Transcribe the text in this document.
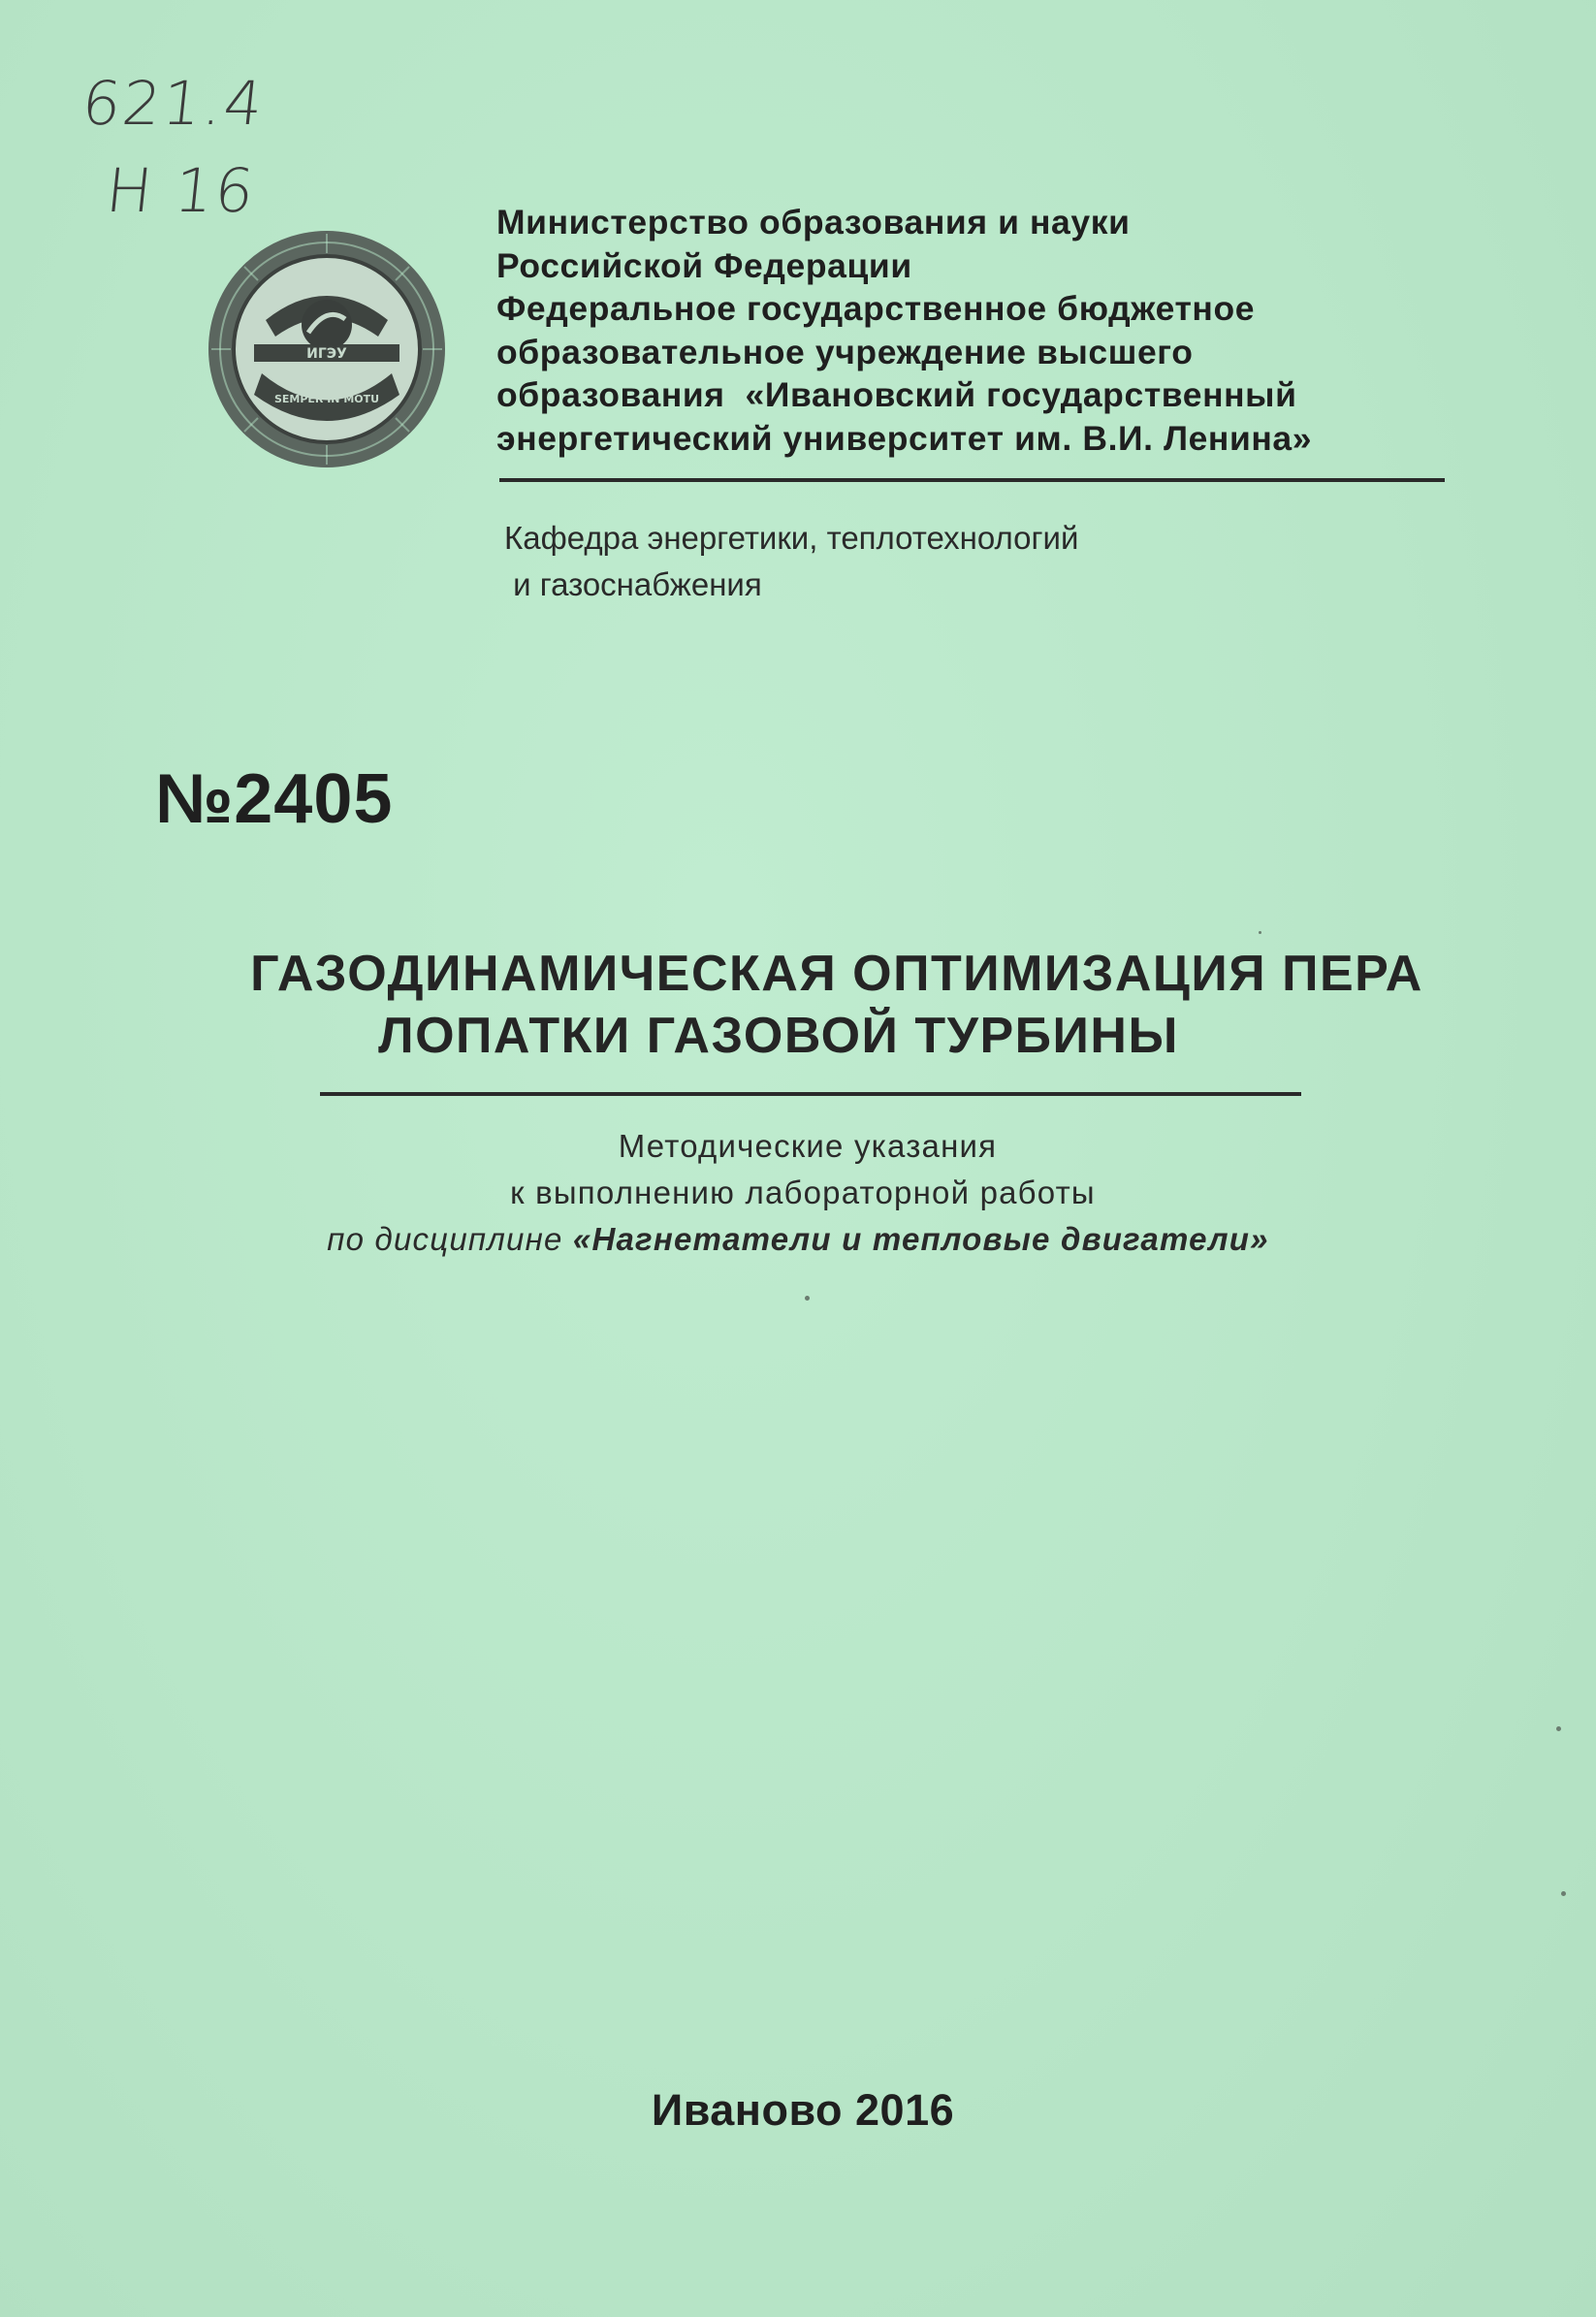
621.4
Н 16
ИГЭУ
SEMPER IN MOTU
Министерство образования и науки
Российской Федерации
Федеральное государственное бюджетное
образовательное учреждение высшего
образования  «Ивановский государственный
энергетический университет им. В.И. Ленина»
Кафедра энергетики, теплотехнологий
и газоснабжения
№2405
ГАЗОДИНАМИЧЕСКАЯ ОПТИМИЗАЦИЯ ПЕРА
ЛОПАТКИ ГАЗОВОЙ ТУРБИНЫ
Методические указания
к выполнению лабораторной работы
по дисциплине «Нагнетатели и тепловые двигатели»
Иваново 2016
